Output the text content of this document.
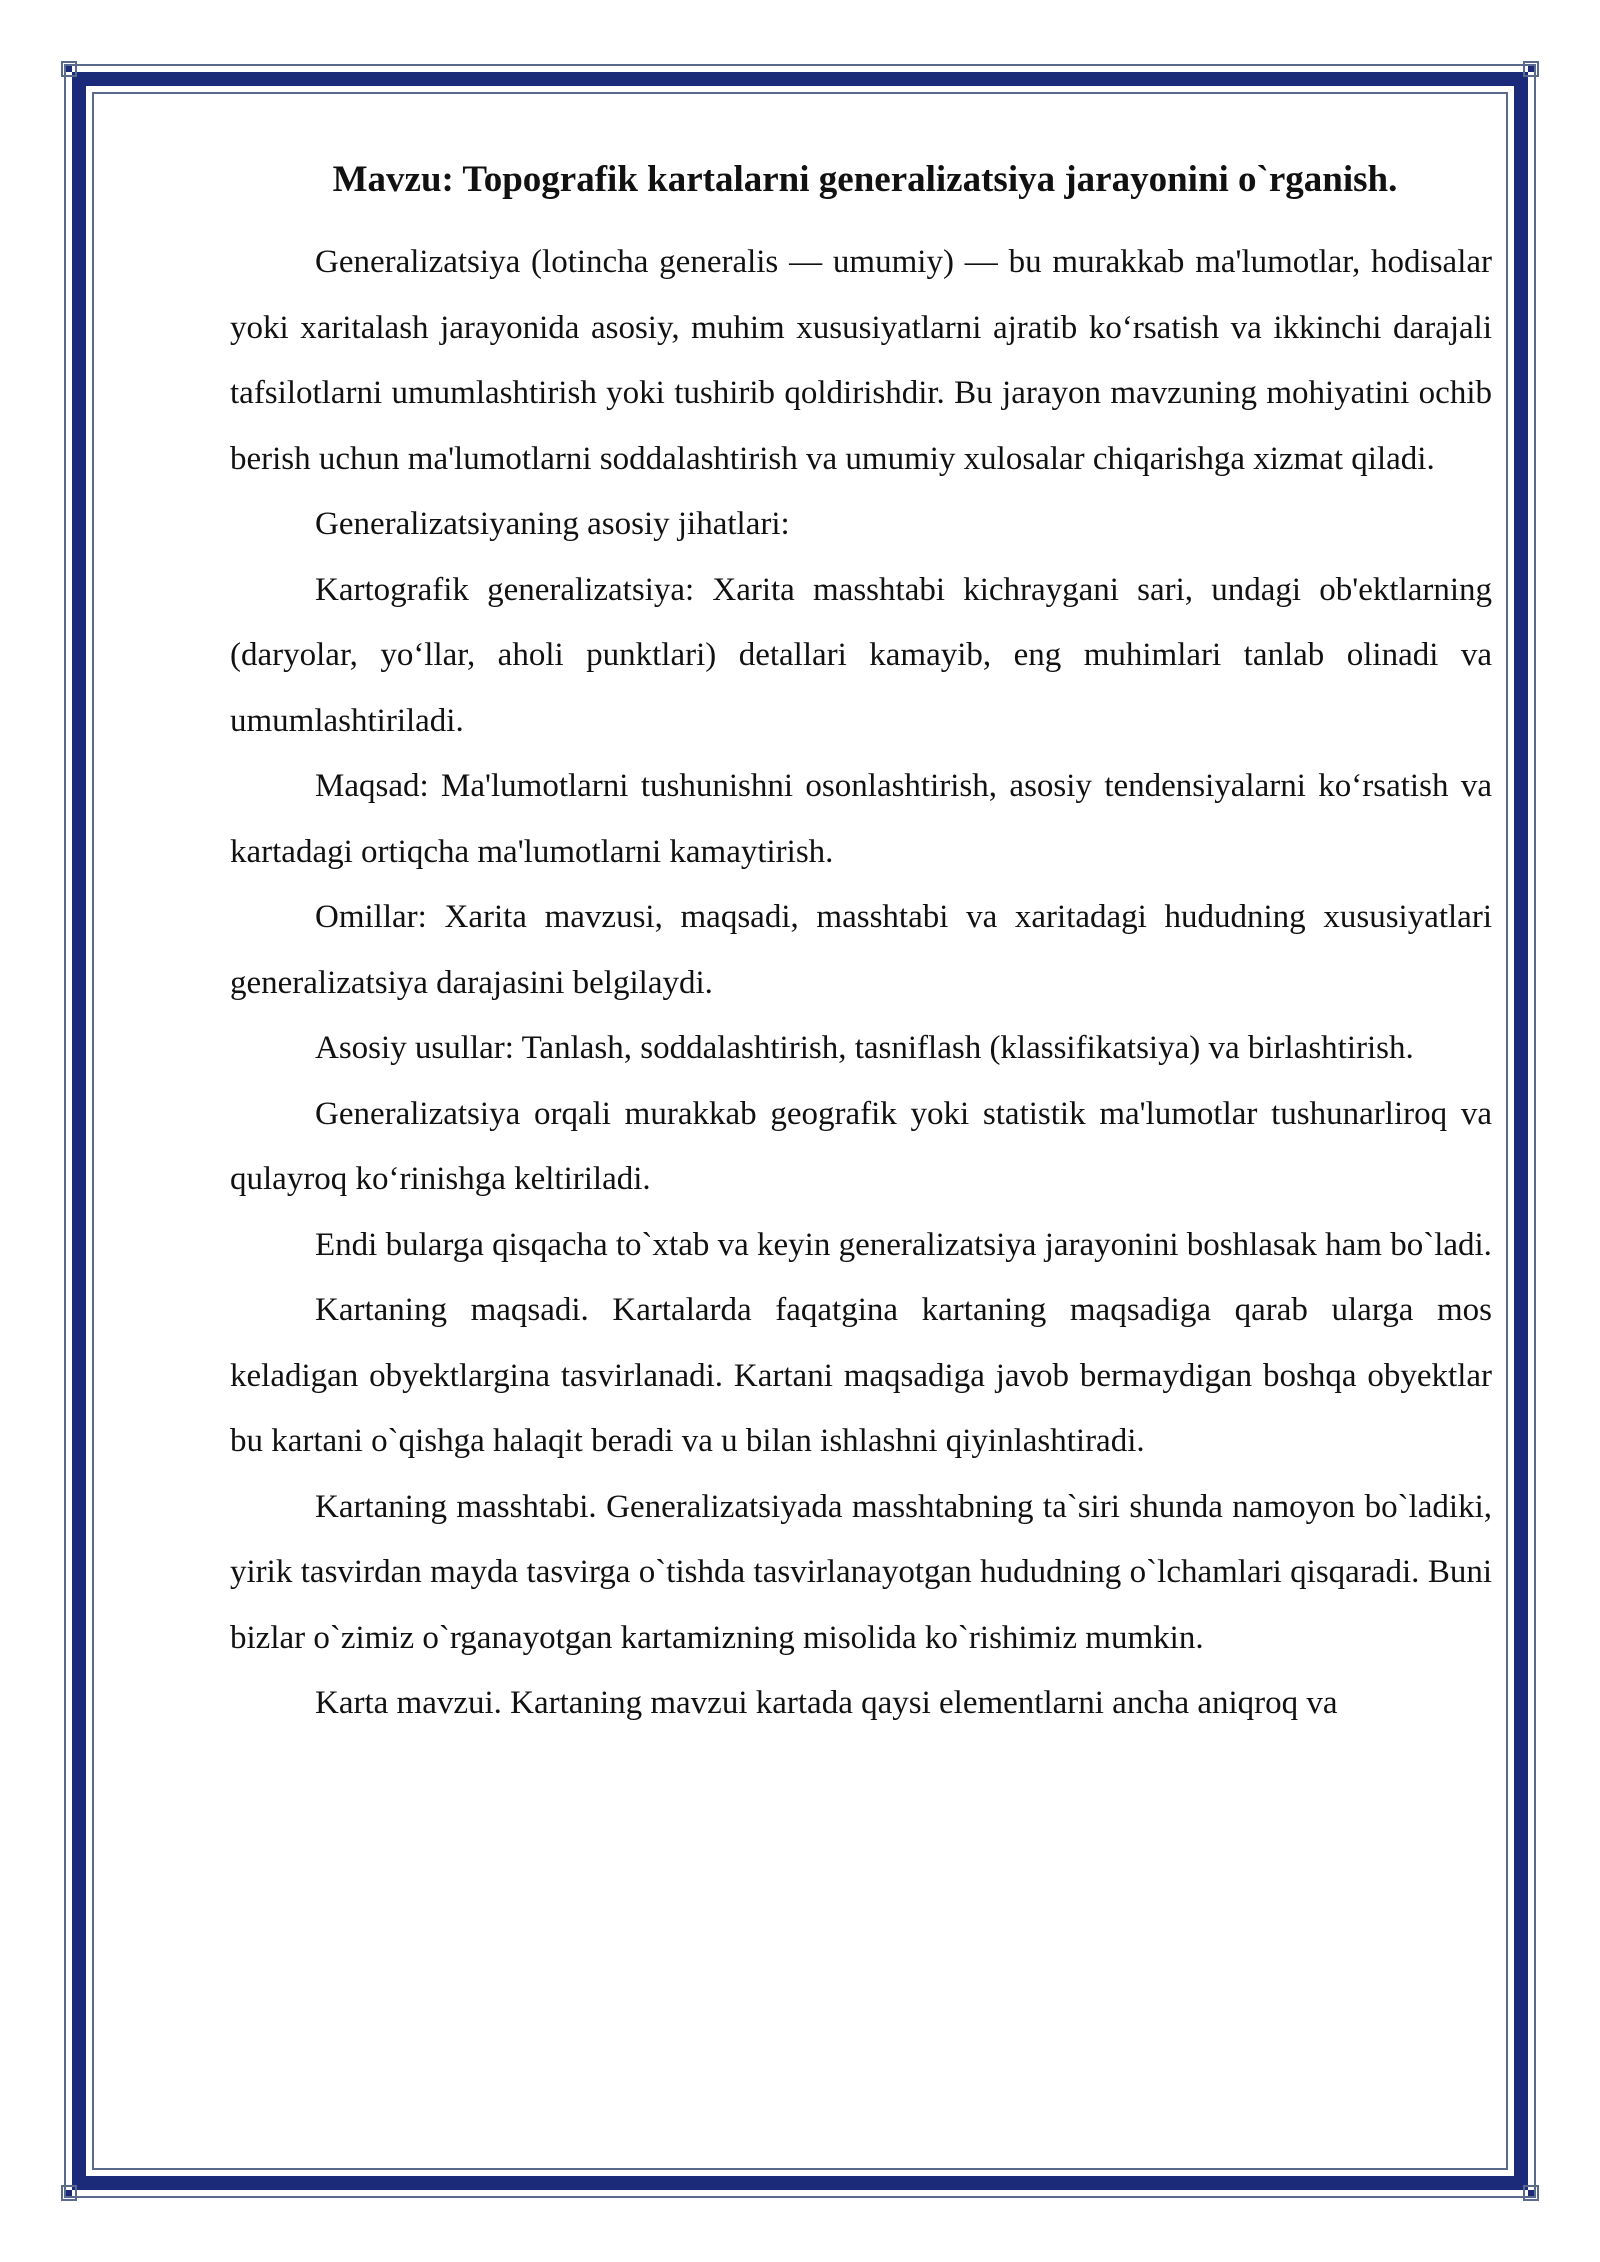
Mavzu: Topografik kartalarni generalizatsiya jarayonini o`rganish.

Generalizatsiya (lotincha generalis — umumiy) — bu murakkab ma'lumotlar, hodisalar yoki xaritalash jarayonida asosiy, muhim xususiyatlarni ajratib ko‘rsatish va ikkinchi darajali tafsilotlarni umumlashtirish yoki tushirib qoldirishdir. Bu jarayon mavzuning mohiyatini ochib berish uchun ma'lumotlarni soddalashtirish va umumiy xulosalar chiqarishga xizmat qiladi.

Generalizatsiyaning asosiy jihatlari:

Kartografik generalizatsiya: Xarita masshtabi kichraygani sari, undagi ob'ektlarning (daryolar, yo‘llar, aholi punktlari) detallari kamayib, eng muhimlari tanlab olinadi va umumlashtiriladi.

Maqsad: Ma'lumotlarni tushunishni osonlashtirish, asosiy tendensiyalarni ko‘rsatish va kartadagi ortiqcha ma'lumotlarni kamaytirish.

Omillar: Xarita mavzusi, maqsadi, masshtabi va xaritadagi hududning xususiyatlari generalizatsiya darajasini belgilaydi.

Asosiy usullar: Tanlash, soddalashtirish, tasniflash (klassifikatsiya) va birlashtirish.

Generalizatsiya orqali murakkab geografik yoki statistik ma'lumotlar tushunarliroq va qulayroq ko‘rinishga keltiriladi.

Endi bularga qisqacha to`xtab va keyin generalizatsiya jarayonini boshlasak ham bo`ladi.

Kartaning maqsadi. Kartalarda faqatgina kartaning maqsadiga qarab ularga mos keladigan obyektlargina tasvirlanadi. Kartani maqsadiga javob bermaydigan boshqa obyektlar bu kartani o`qishga halaqit beradi va u bilan ishlashni qiyinlashtiradi.

Kartaning masshtabi. Generalizatsiyada masshtabning ta`siri shunda namoyon bo`ladiki, yirik tasvirdan mayda tasvirga o`tishda tasvirlanayotgan hududning o`lchamlari qisqaradi. Buni bizlar o`zimiz o`rganayotgan kartamizning misolida ko`rishimiz mumkin.

Karta mavzui. Kartaning mavzui kartada qaysi elementlarni ancha aniqroq va
